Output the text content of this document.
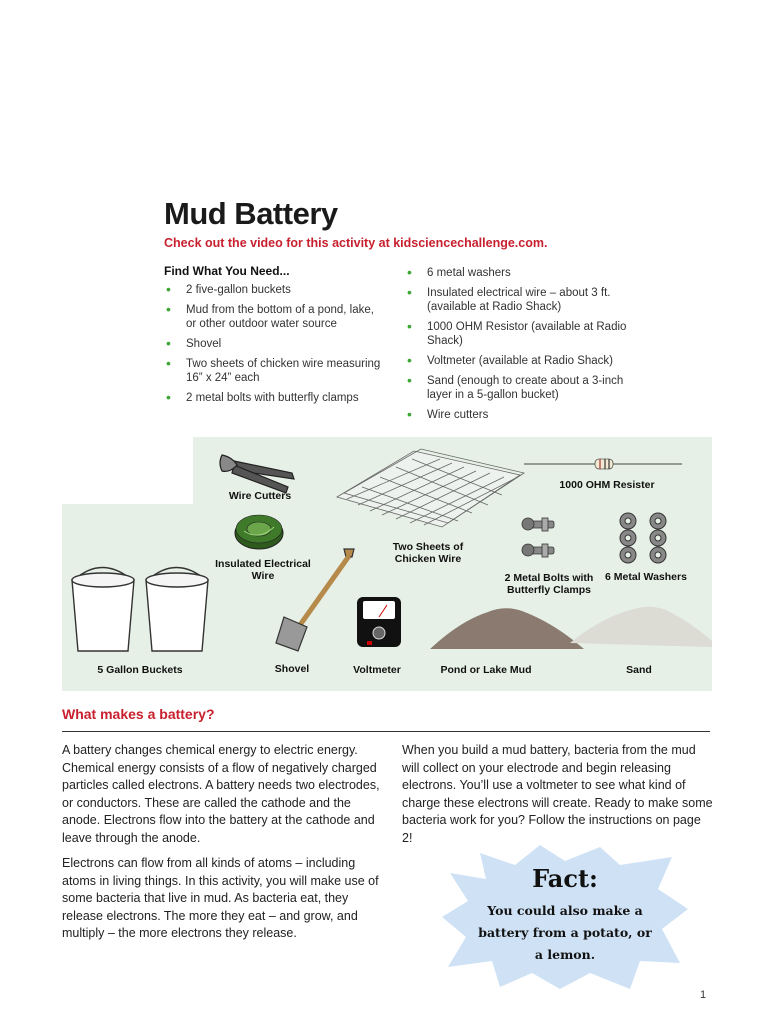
Mud Battery
Check out the video for this activity at kidsciencechallenge.com.
Find What You Need...
• 2 five-gallon buckets
• Mud from the bottom of a pond, lake, or other outdoor water source
• Shovel
• Two sheets of chicken wire measuring 16” x 24” each
• 2 metal bolts with butterfly clamps
• 6 metal washers
• Insulated electrical wire – about 3 ft. (available at Radio Shack)
• 1000 OHM Resistor (available at Radio Shack)
• Voltmeter (available at Radio Shack)
• Sand (enough to create about a 3-inch layer in a 5-gallon bucket)
• Wire cutters
Wire Cutters
Two Sheets of Chicken Wire
1000 OHM Resister
Insulated Electrical Wire	2 Metal Bolts with Butterfly Clamps
6 Metal Washers
5 Gallon Buckets	Shovel	Voltmeter	Pond or Lake Mud	Sand
What makes a battery?

A battery changes chemical energy to electric energy. Chemical energy consists of a flow of negatively charged particles called electrons. A battery needs two electrodes, or conductors. These are called the cathode and the anode. Electrons flow into the battery at the cathode and leave through the anode.

Electrons can flow from all kinds of atoms – including atoms in living things. In this activity, you will make use of some bacteria that live in mud. As bacteria eat, they release electrons. The more they eat – and grow, and multiply – the more electrons they release.

When you build a mud battery, bacteria from the mud will collect on your electrode and begin releasing electrons. You’ll use a voltmeter to see what kind of charge these electrons will create. Ready to make some bacteria work for you? Follow the instructions on page 2!

Fact:
You could also make a battery from a potato, or a lemon.
1
